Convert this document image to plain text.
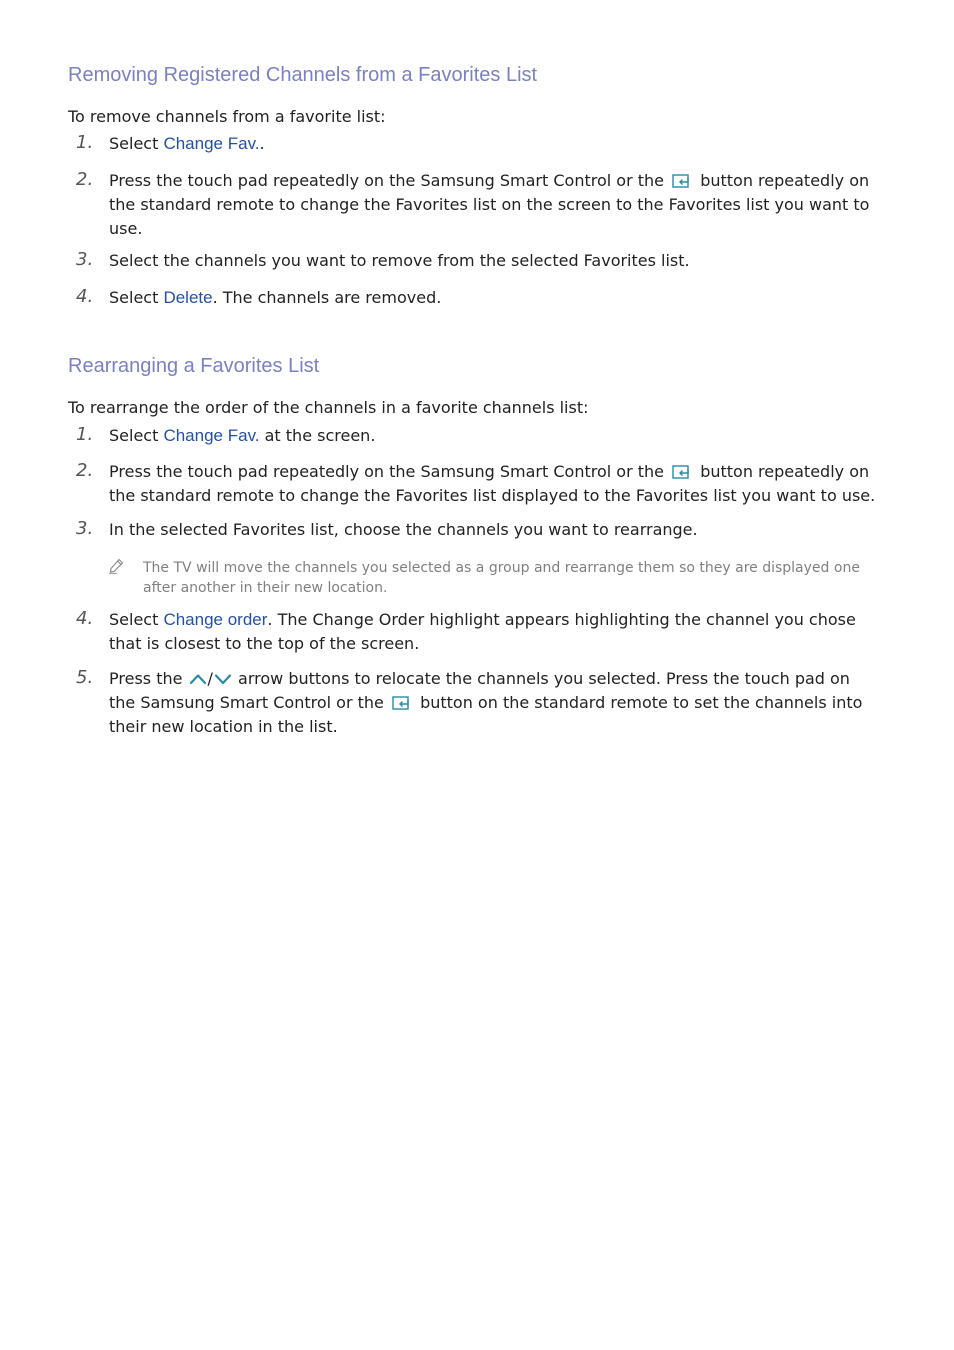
Removing Registered Channels from a Favorites List
To remove channels from a favorite list:
1. Select Change Fav..
2. Press the touch pad repeatedly on the Samsung Smart Control or the button repeatedly on the standard remote to change the Favorites list on the screen to the Favorites list you want to use.
3. Select the channels you want to remove from the selected Favorites list.
4. Select Delete. The channels are removed.
Rearranging a Favorites List
To rearrange the order of the channels in a favorite channels list:
1. Select Change Fav. at the screen.
2. Press the touch pad repeatedly on the Samsung Smart Control or the button repeatedly on the standard remote to change the Favorites list displayed to the Favorites list you want to use.
3. In the selected Favorites list, choose the channels you want to rearrange.
The TV will move the channels you selected as a group and rearrange them so they are displayed one after another in their new location.
4. Select Change order. The Change Order highlight appears highlighting the channel you chose that is closest to the top of the screen.
5. Press the / arrow buttons to relocate the channels you selected. Press the touch pad on the Samsung Smart Control or the button on the standard remote to set the channels into their new location in the list.
